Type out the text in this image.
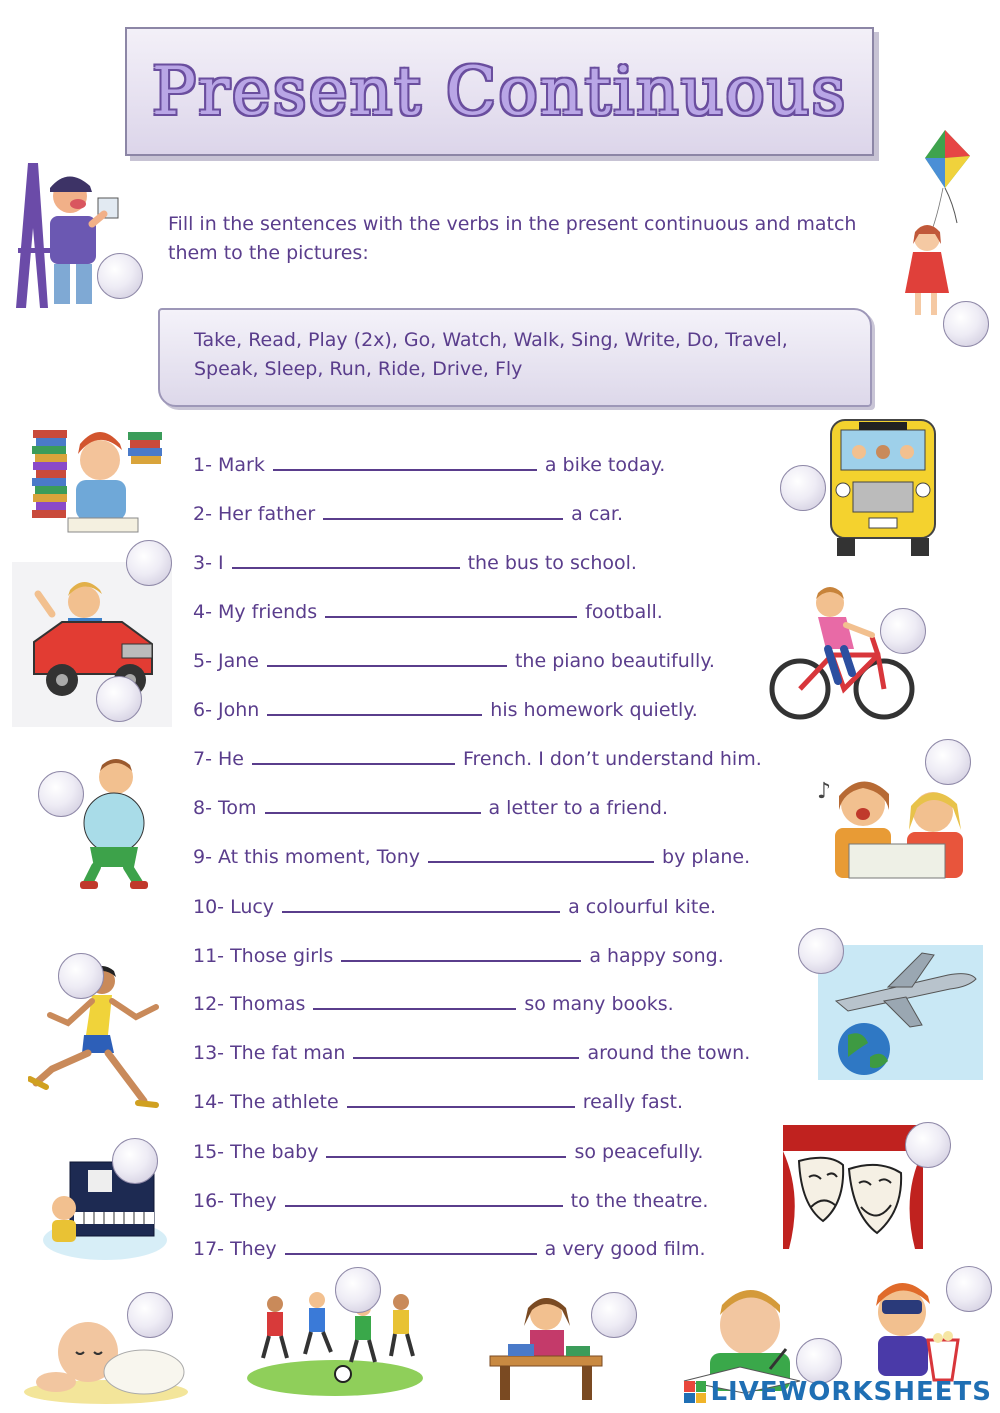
Present Continuous
Fill in the sentences with the verbs in the present continuous and match them to the pictures:
Take, Read, Play (2x), Go, Watch, Walk, Sing, Write, Do, Travel, Speak, Sleep, Run, Ride, Drive, Fly
1- Mark	a bike today.
2- Her father	a car.
3- I	the bus to school.
4- My friends	football.
5- Jane	the piano beautifully.
6- John	his homework quietly.
7- He	French. I don’t understand him.
8- Tom	a letter to a friend.
9- At this moment, Tony	by plane.
10- Lucy	a colourful kite.
11- Those girls	a happy song.
12- Thomas	so many books.
13- The fat man	around the town.
14- The athlete	really fast.
15- The baby	so peacefully.
16- They	to the theatre.
17- They	a very good film.
♪
LIVEWORKSHEETS
